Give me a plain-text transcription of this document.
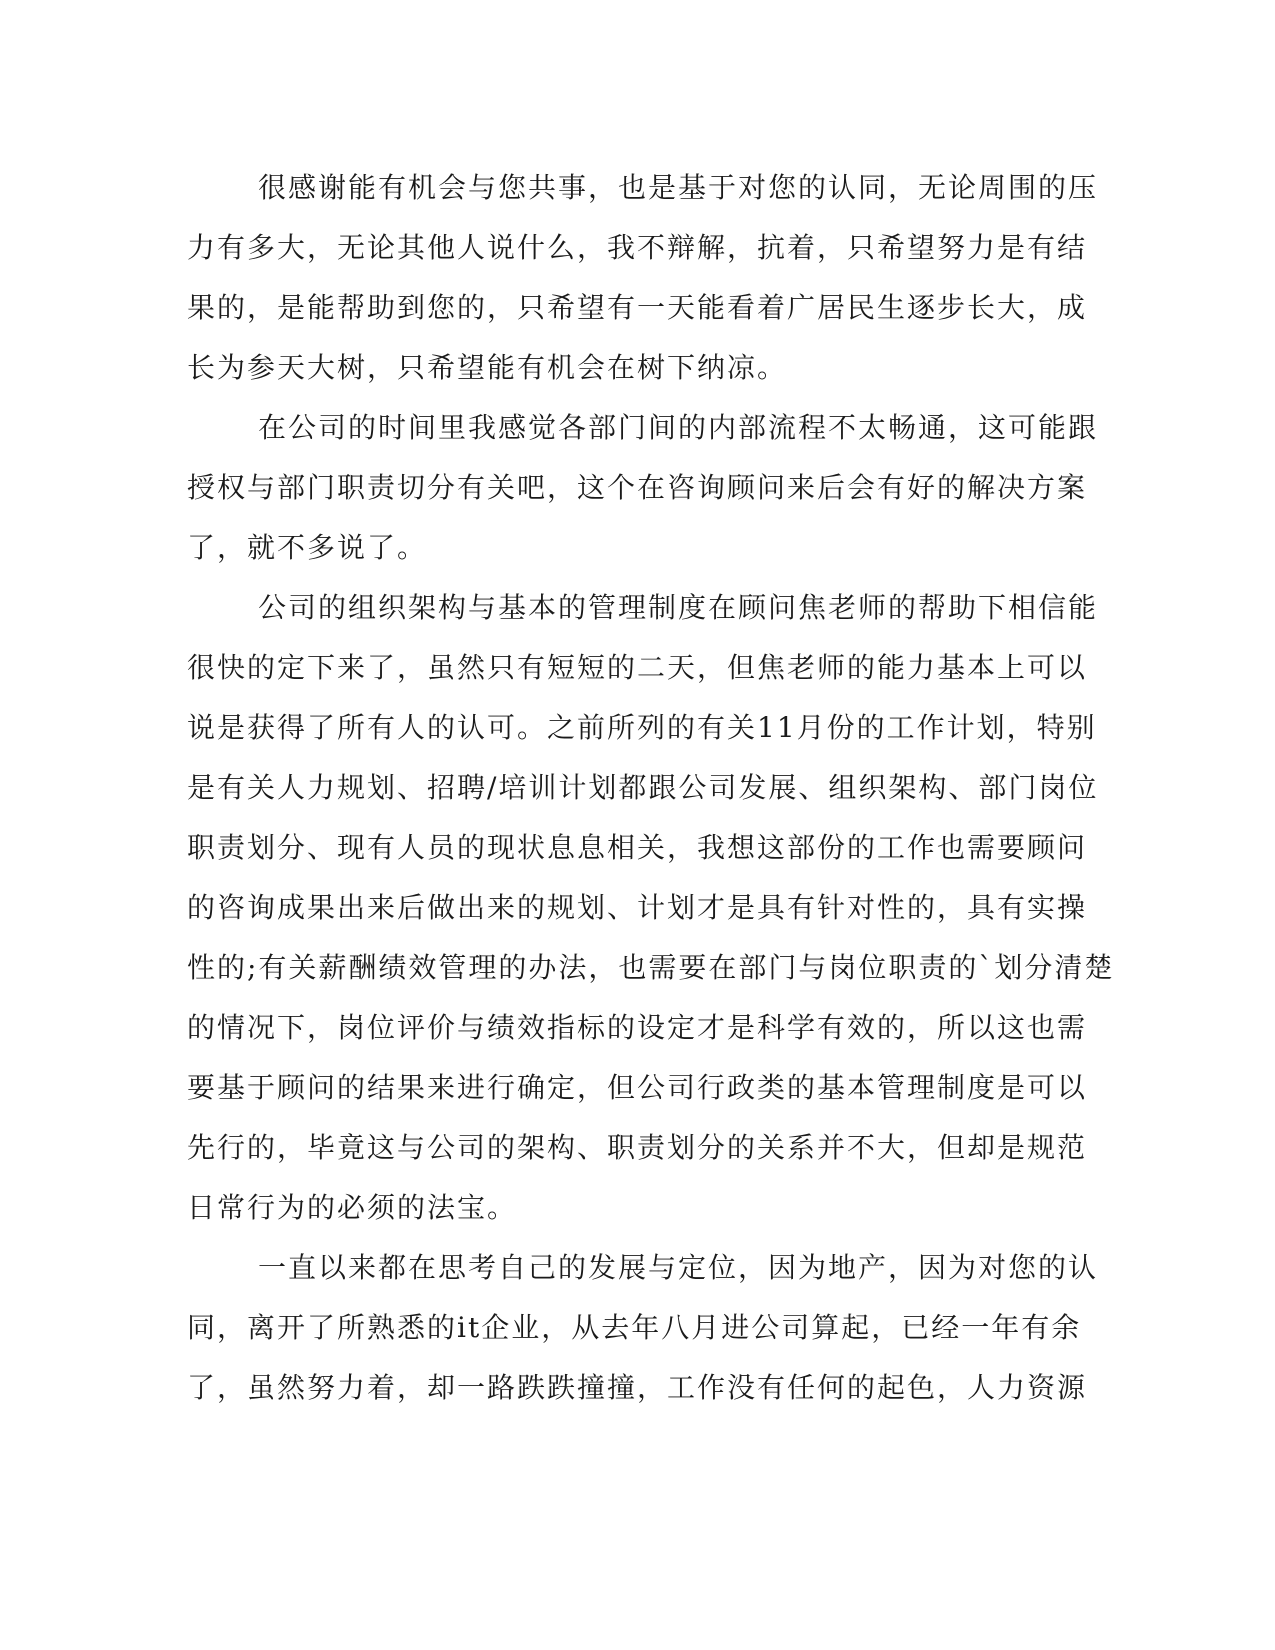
很感谢能有机会与您共事，也是基于对您的认同，无论周围的压
力有多大，无论其他人说什么，我不辩解，抗着，只希望努力是有结
果的，是能帮助到您的，只希望有一天能看着广居民生逐步长大，成
长为参天大树，只希望能有机会在树下纳凉。
在公司的时间里我感觉各部门间的内部流程不太畅通，这可能跟
授权与部门职责切分有关吧，这个在咨询顾问来后会有好的解决方案
了，就不多说了。
公司的组织架构与基本的管理制度在顾问焦老师的帮助下相信能
很快的定下来了，虽然只有短短的二天，但焦老师的能力基本上可以
说是获得了所有人的认可。之前所列的有关11月份的工作计划，特别
是有关人力规划、招聘/培训计划都跟公司发展、组织架构、部门岗位
职责划分、现有人员的现状息息相关，我想这部份的工作也需要顾问
的咨询成果出来后做出来的规划、计划才是具有针对性的，具有实操
性的;有关薪酬绩效管理的办法，也需要在部门与岗位职责的`划分清楚
的情况下，岗位评价与绩效指标的设定才是科学有效的，所以这也需
要基于顾问的结果来进行确定，但公司行政类的基本管理制度是可以
先行的，毕竟这与公司的架构、职责划分的关系并不大，但却是规范
日常行为的必须的法宝。
一直以来都在思考自己的发展与定位，因为地产，因为对您的认
同，离开了所熟悉的it企业，从去年八月进公司算起，已经一年有余
了，虽然努力着，却一路跌跌撞撞，工作没有任何的起色，人力资源
